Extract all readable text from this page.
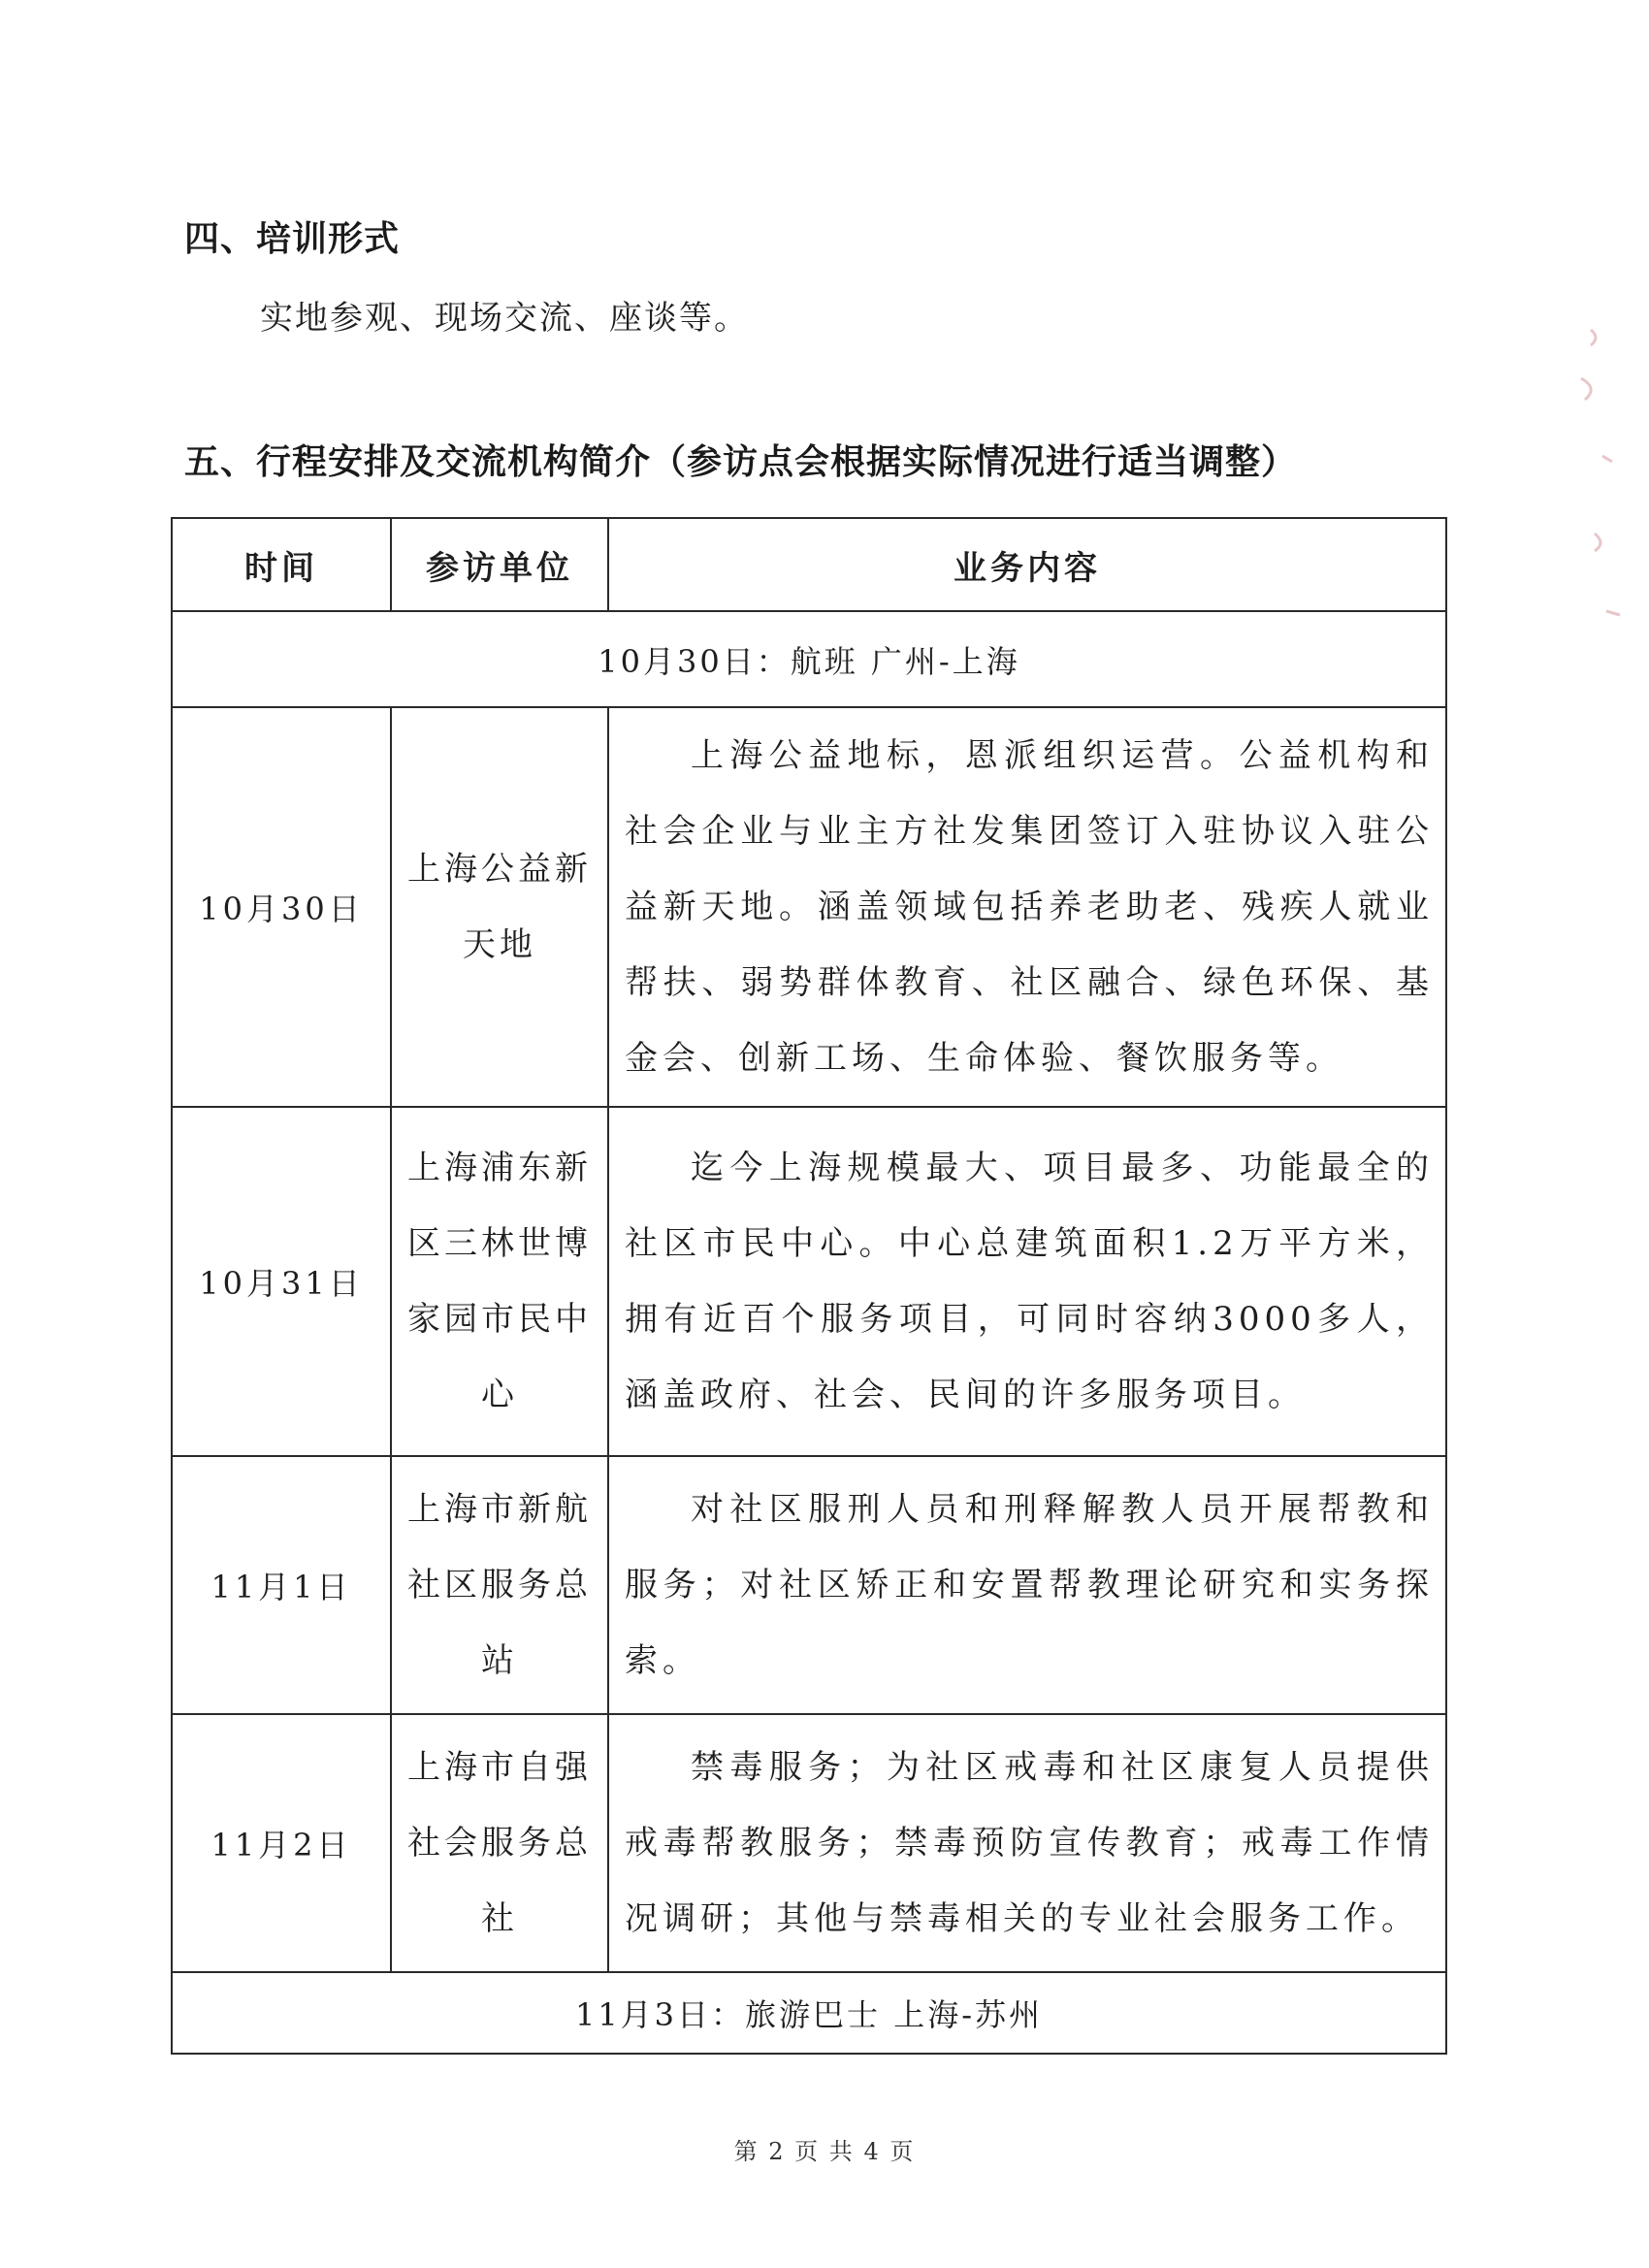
四、培训形式
实地参观、现场交流、座谈等。
五、行程安排及交流机构简介（参访点会根据实际情况进行适当调整）
时间	参访单位	业务内容
10月30日：航班 广州-上海		
10月30日	上海公益新天地	上海公益地标，恩派组织运营。公益机构和社会企业与业主方社发集团签订入驻协议入驻公益新天地。涵盖领域包括养老助老、残疾人就业帮扶、弱势群体教育、社区融合、绿色环保、基金会、创新工场、生命体验、餐饮服务等。
10月31日	上海浦东新区三林世博家园市民中心	迄今上海规模最大、项目最多、功能最全的社区市民中心。中心总建筑面积1.2万平方米，拥有近百个服务项目，可同时容纳3000多人，涵盖政府、社会、民间的许多服务项目。
11月1日	上海市新航社区服务总站	对社区服刑人员和刑释解教人员开展帮教和服务；对社区矫正和安置帮教理论研究和实务探索。
11月2日	上海市自强社会服务总社	禁毒服务；为社区戒毒和社区康复人员提供戒毒帮教服务；禁毒预防宣传教育；戒毒工作情况调研；其他与禁毒相关的专业社会服务工作。
11月3日：旅游巴士 上海-苏州		
第 2 页 共 4 页
